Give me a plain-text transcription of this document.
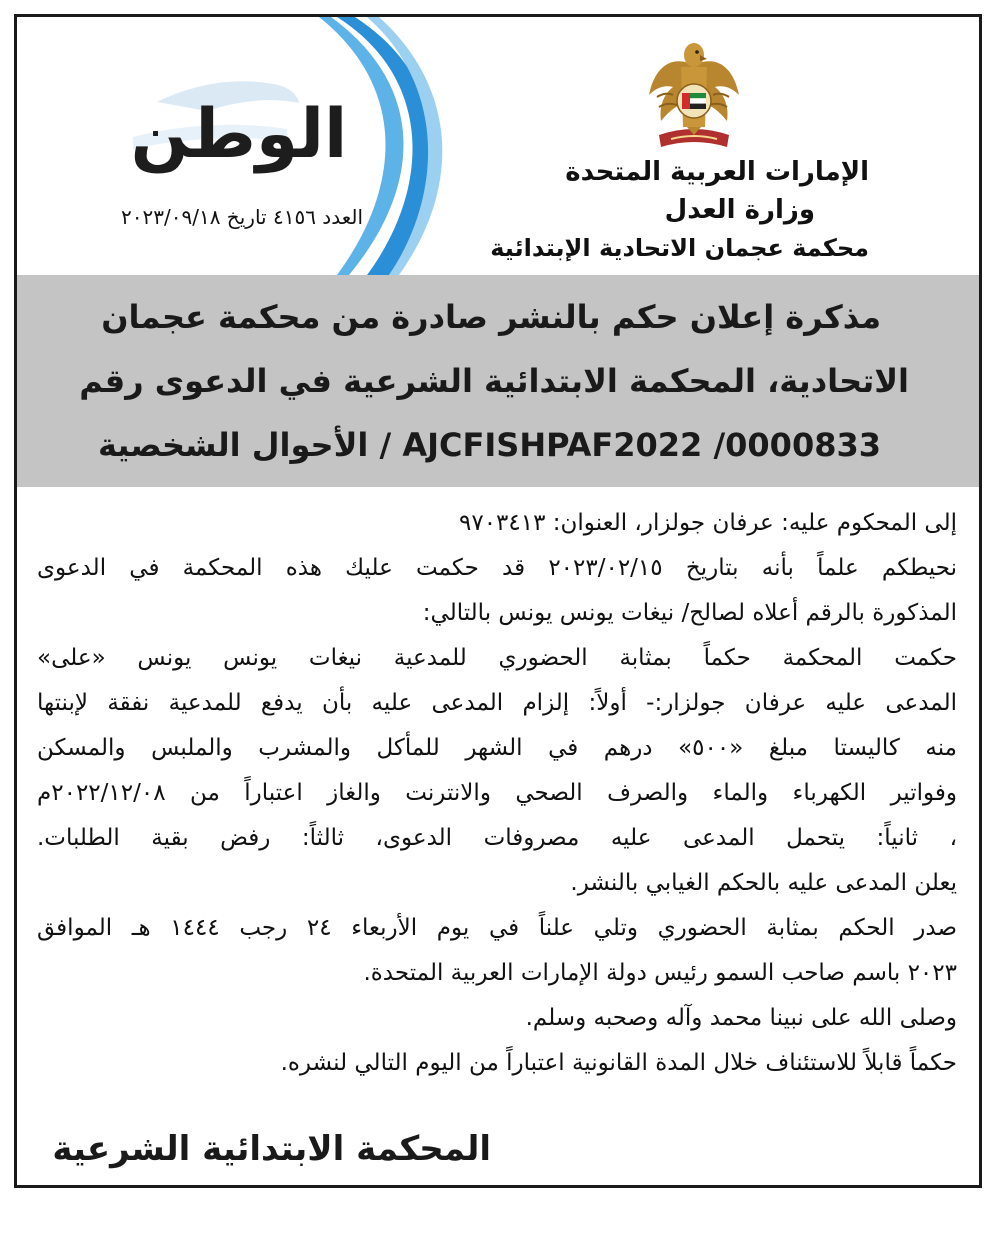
الإمارات العربية المتحدة
وزارة العدل
محكمة عجمان الاتحادية الإبتدائية
الوطن
العدد ٤١٥٦ تاريخ ٢٠٢٣/٠٩/١٨
مذكرة إعلان حكم بالنشر صادرة من محكمة عجمان
الاتحادية، المحكمة الابتدائية الشرعية في الدعوى رقم
AJCFISHPAF2022 /0000833 / الأحوال الشخصية
إلى المحكوم عليه: عرفان جولزار، العنوان: ٩٧٠٣٤١٣
نحيطكم علماً بأنه بتاريخ ٢٠٢٣/٠٢/١٥ قد حكمت عليك هذه المحكمة في الدعوى
المذكورة بالرقم أعلاه لصالح/ نيغات يونس يونس بالتالي:
حكمت المحكمة حكماً بمثابة الحضوري للمدعية نيغات يونس يونس «على»
المدعى عليه عرفان جولزار:- أولاً: إلزام المدعى عليه بأن يدفع للمدعية نفقة لإبنتها
منه كاليستا مبلغ «٥٠٠» درهم في الشهر للمأكل والمشرب والملبس والمسكن
وفواتير الكهرباء والماء والصرف الصحي والانترنت والغاز اعتباراً من ٢٠٢٢/١٢/٠٨م
، ثانياً: يتحمل المدعى عليه مصروفات الدعوى، ثالثاً: رفض بقية الطلبات.
يعلن المدعى عليه بالحكم الغيابي بالنشر.
صدر الحكم بمثابة الحضوري وتلي علناً في يوم الأربعاء ٢٤ رجب ١٤٤٤ هـ الموافق
٢٠٢٣ باسم صاحب السمو رئيس دولة الإمارات العربية المتحدة.
وصلى الله على نبينا محمد وآله وصحبه وسلم.
حكماً قابلاً للاستئناف خلال المدة القانونية اعتباراً من اليوم التالي لنشره.
المحكمة الابتدائية الشرعية
